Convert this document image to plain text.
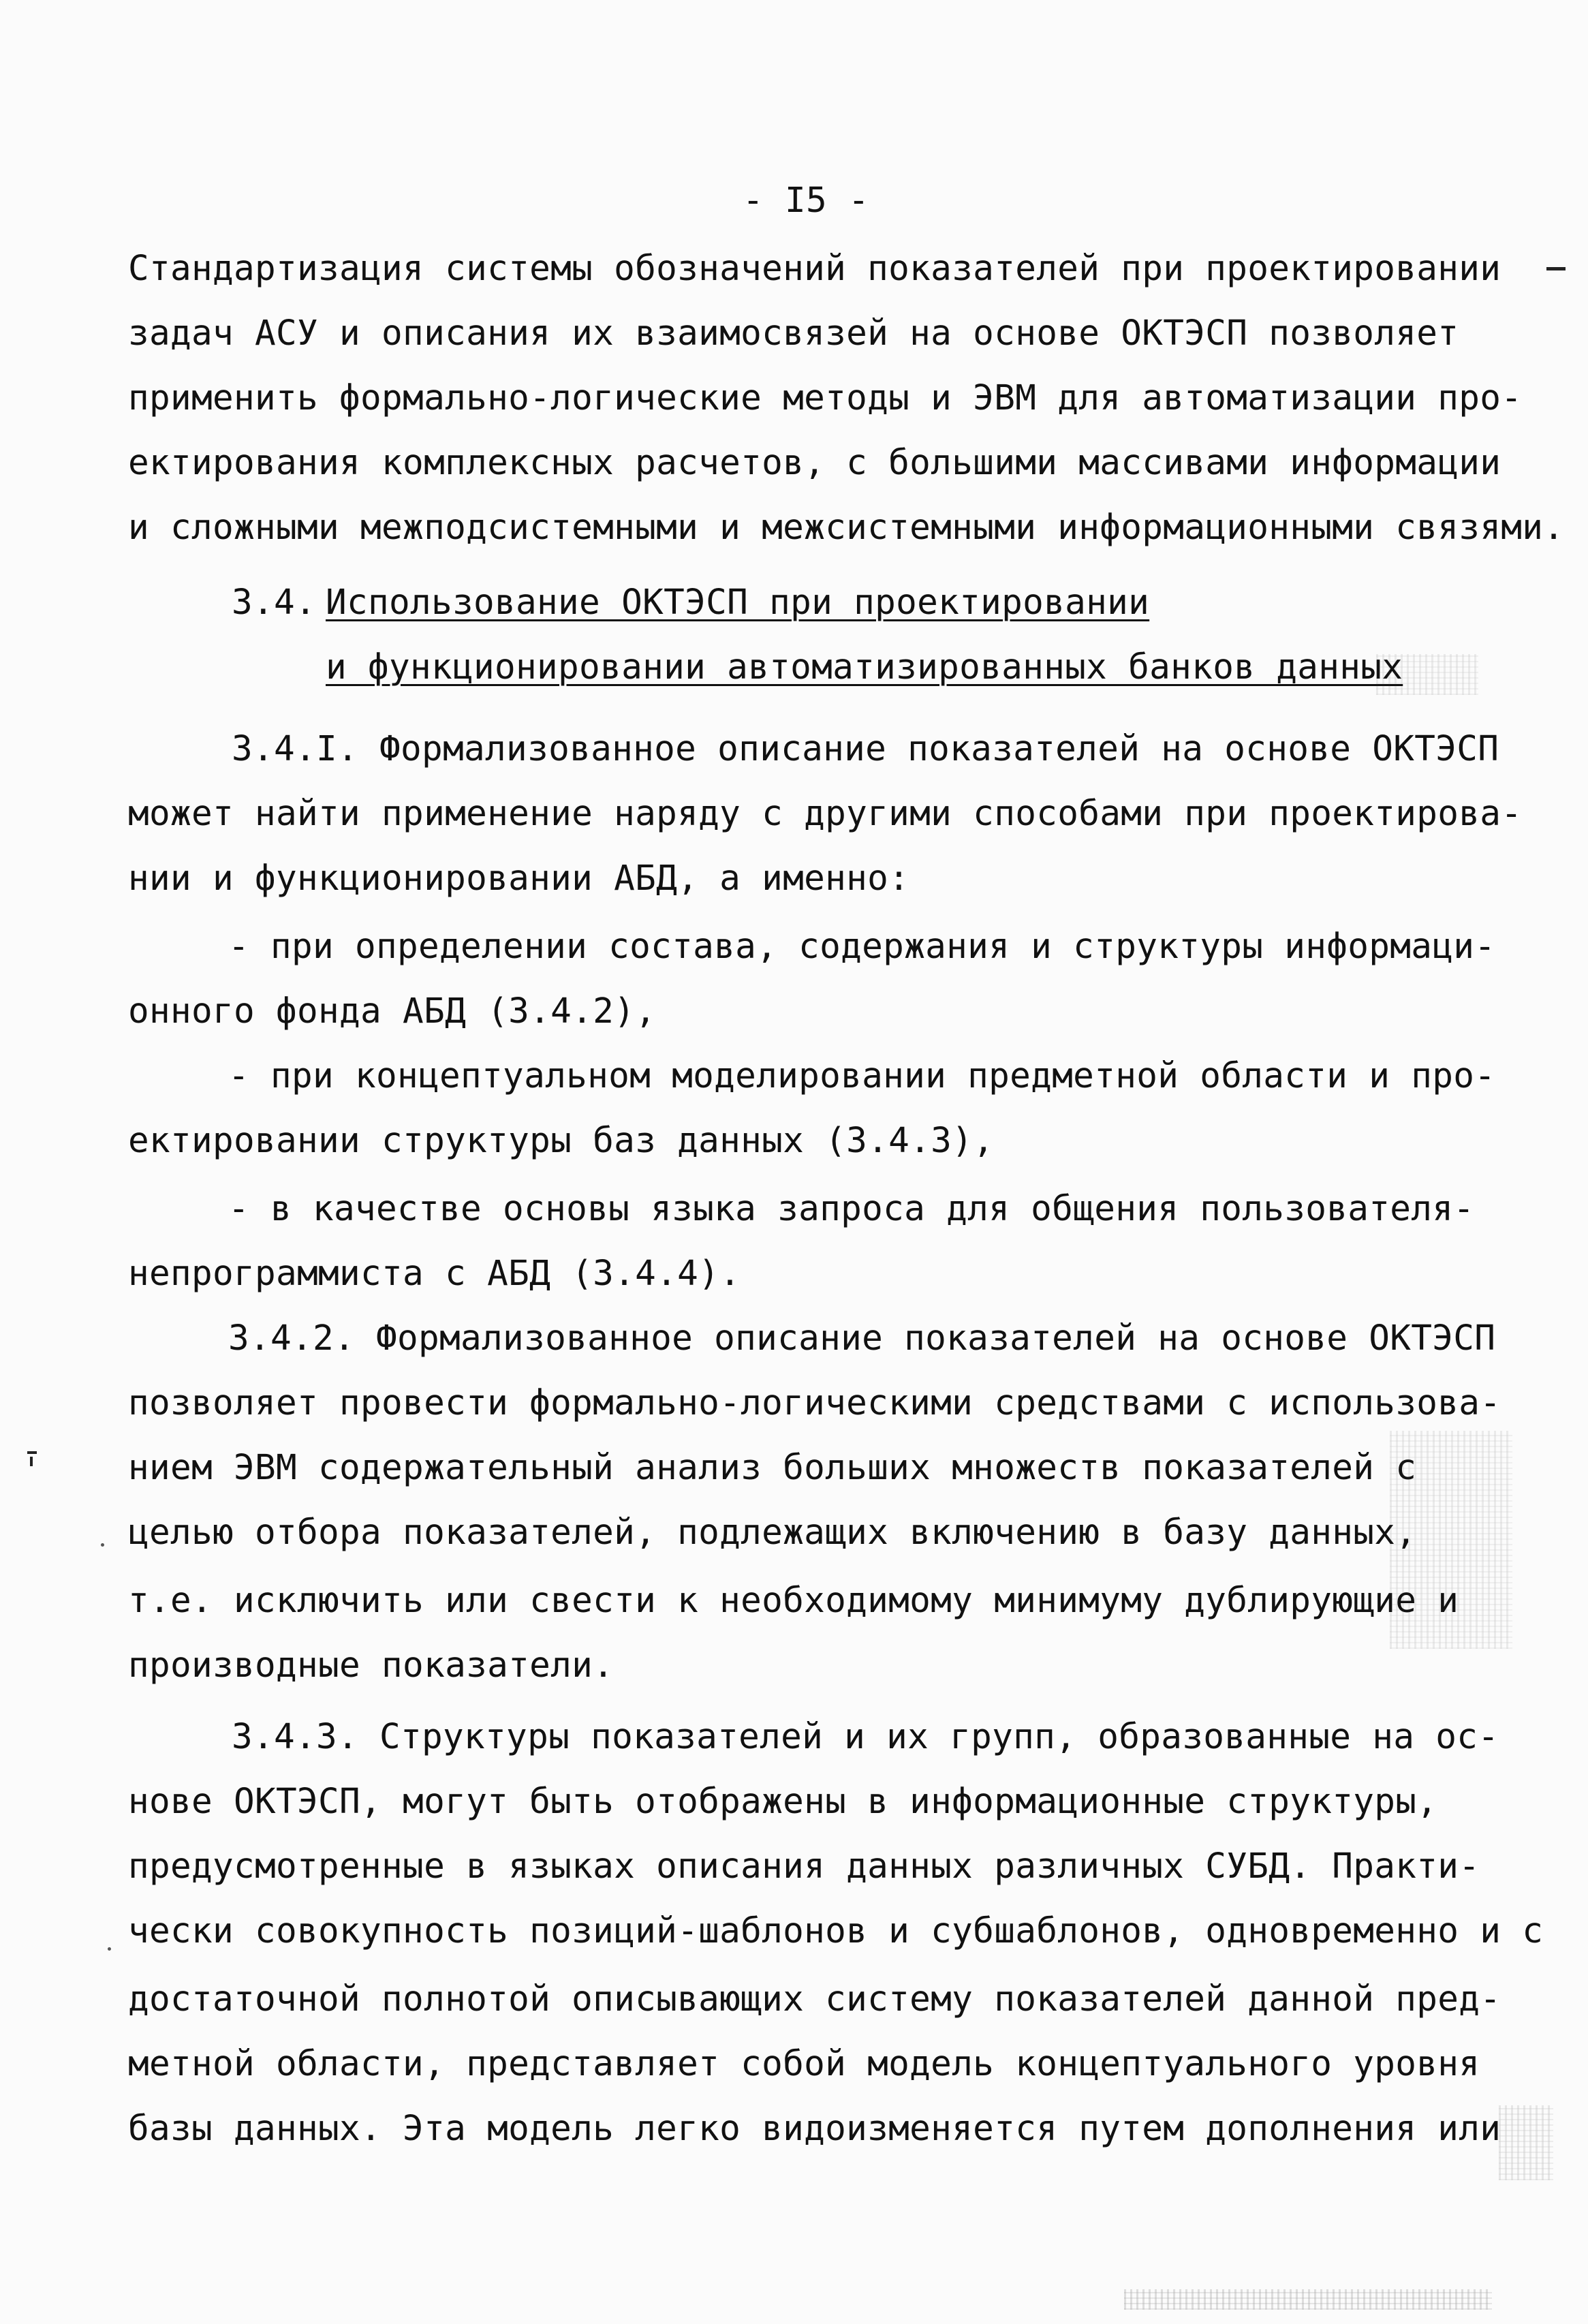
- I5 -

Стандартизация системы обозначений показателей при проектировании

задач АСУ и описания их взаимосвязей на основе ОКТЭСП позволяет

применить формально-логические методы и ЭВМ для автоматизации про-

ектирования комплексных расчетов, с большими массивами информации

и сложными межподсистемными и межсистемными информационными связями.

3.4. Использование ОКТЭСП при проектировании

и функционировании автоматизированных банков данных

3.4.I. Формализованное описание показателей на основе ОКТЭСП

может найти применение наряду с другими способами при проектирова-

нии и функционировании АБД, а именно:

- при определении состава, содержания и структуры информаци-

онного фонда АБД (3.4.2),

- при концептуальном моделировании предметной области и про-

ектировании структуры баз данных (3.4.3),

- в качестве основы языка запроса для общения пользователя-

непрограммиста с АБД (3.4.4).

3.4.2. Формализованное описание показателей на основе ОКТЭСП

позволяет провести формально-логическими средствами с использова-

нием ЭВМ содержательный анализ больших множеств показателей с

целью отбора показателей, подлежащих включению в базу данных,

т.е. исключить или свести к необходимому минимуму дублирующие и

производные показатели.

3.4.3. Структуры показателей и их групп, образованные на ос-

нове ОКТЭСП, могут быть отображены в информационные структуры,

предусмотренные в языках описания данных различных СУБД. Практи-

чески совокупность позиций-шаблонов и субшаблонов, одновременно и с

достаточной полнотой описывающих систему показателей данной пред-

метной области, представляет собой модель концептуального уровня

базы данных. Эта модель легко видоизменяется путем дополнения или
